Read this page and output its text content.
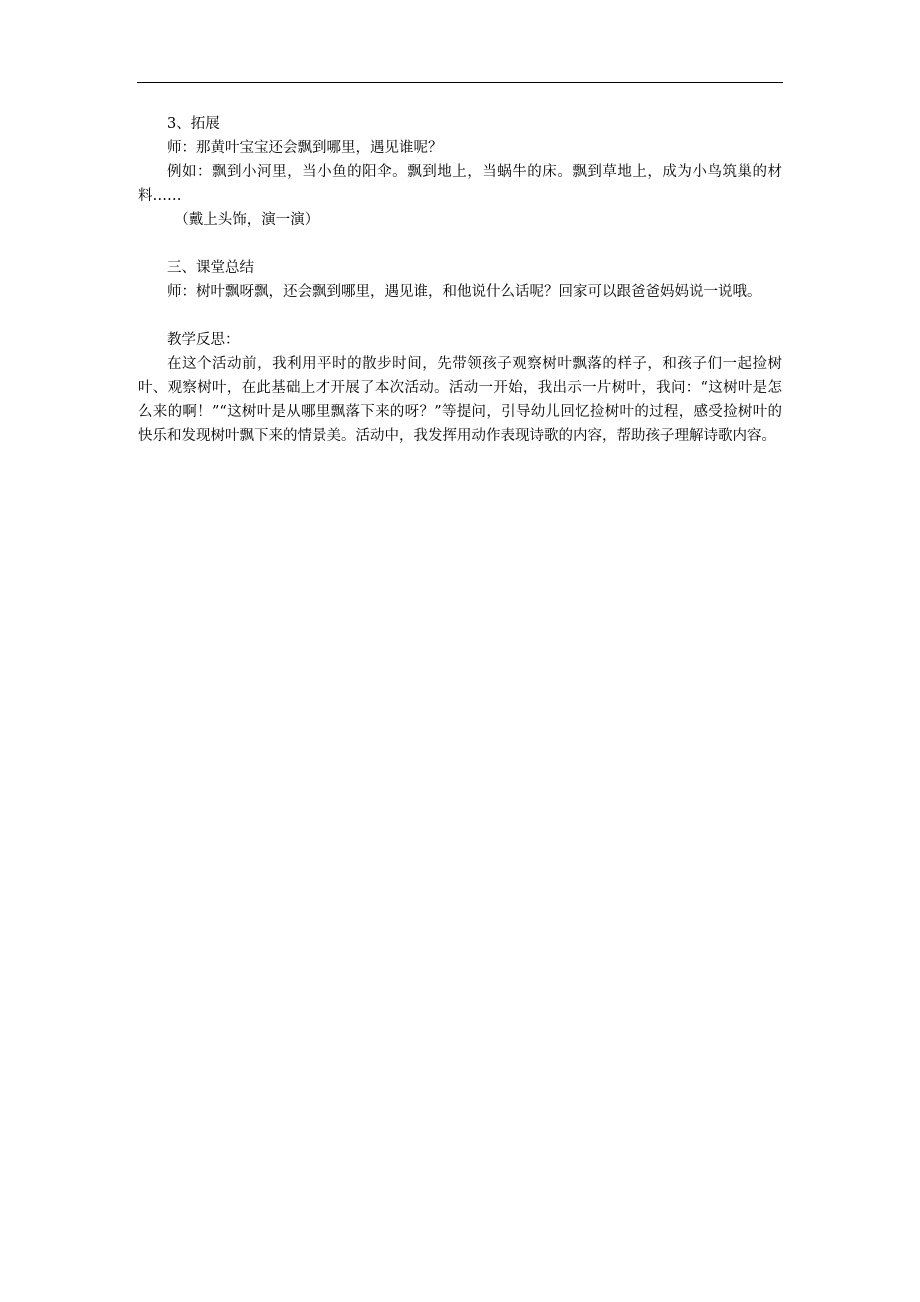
3、拓展

师：那黄叶宝宝还会飘到哪里，遇见谁呢？

例如：飘到小河里，当小鱼的阳伞。飘到地上，当蜗牛的床。飘到草地上，成为小鸟筑巢的材料……

（戴上头饰，演一演）

三、课堂总结

师：树叶飘呀飘，还会飘到哪里，遇见谁，和他说什么话呢？回家可以跟爸爸妈妈说一说哦。

教学反思：

在这个活动前，我利用平时的散步时间，先带领孩子观察树叶飘落的样子，和孩子们一起捡树叶、观察树叶，在此基础上才开展了本次活动。活动一开始，我出示一片树叶，我问：“这树叶是怎么来的啊！”“这树叶是从哪里飘落下来的呀？”等提问，引导幼儿回忆捡树叶的过程，感受捡树叶的快乐和发现树叶飘下来的情景美。活动中，我发挥用动作表现诗歌的内容，帮助孩子理解诗歌内容。
